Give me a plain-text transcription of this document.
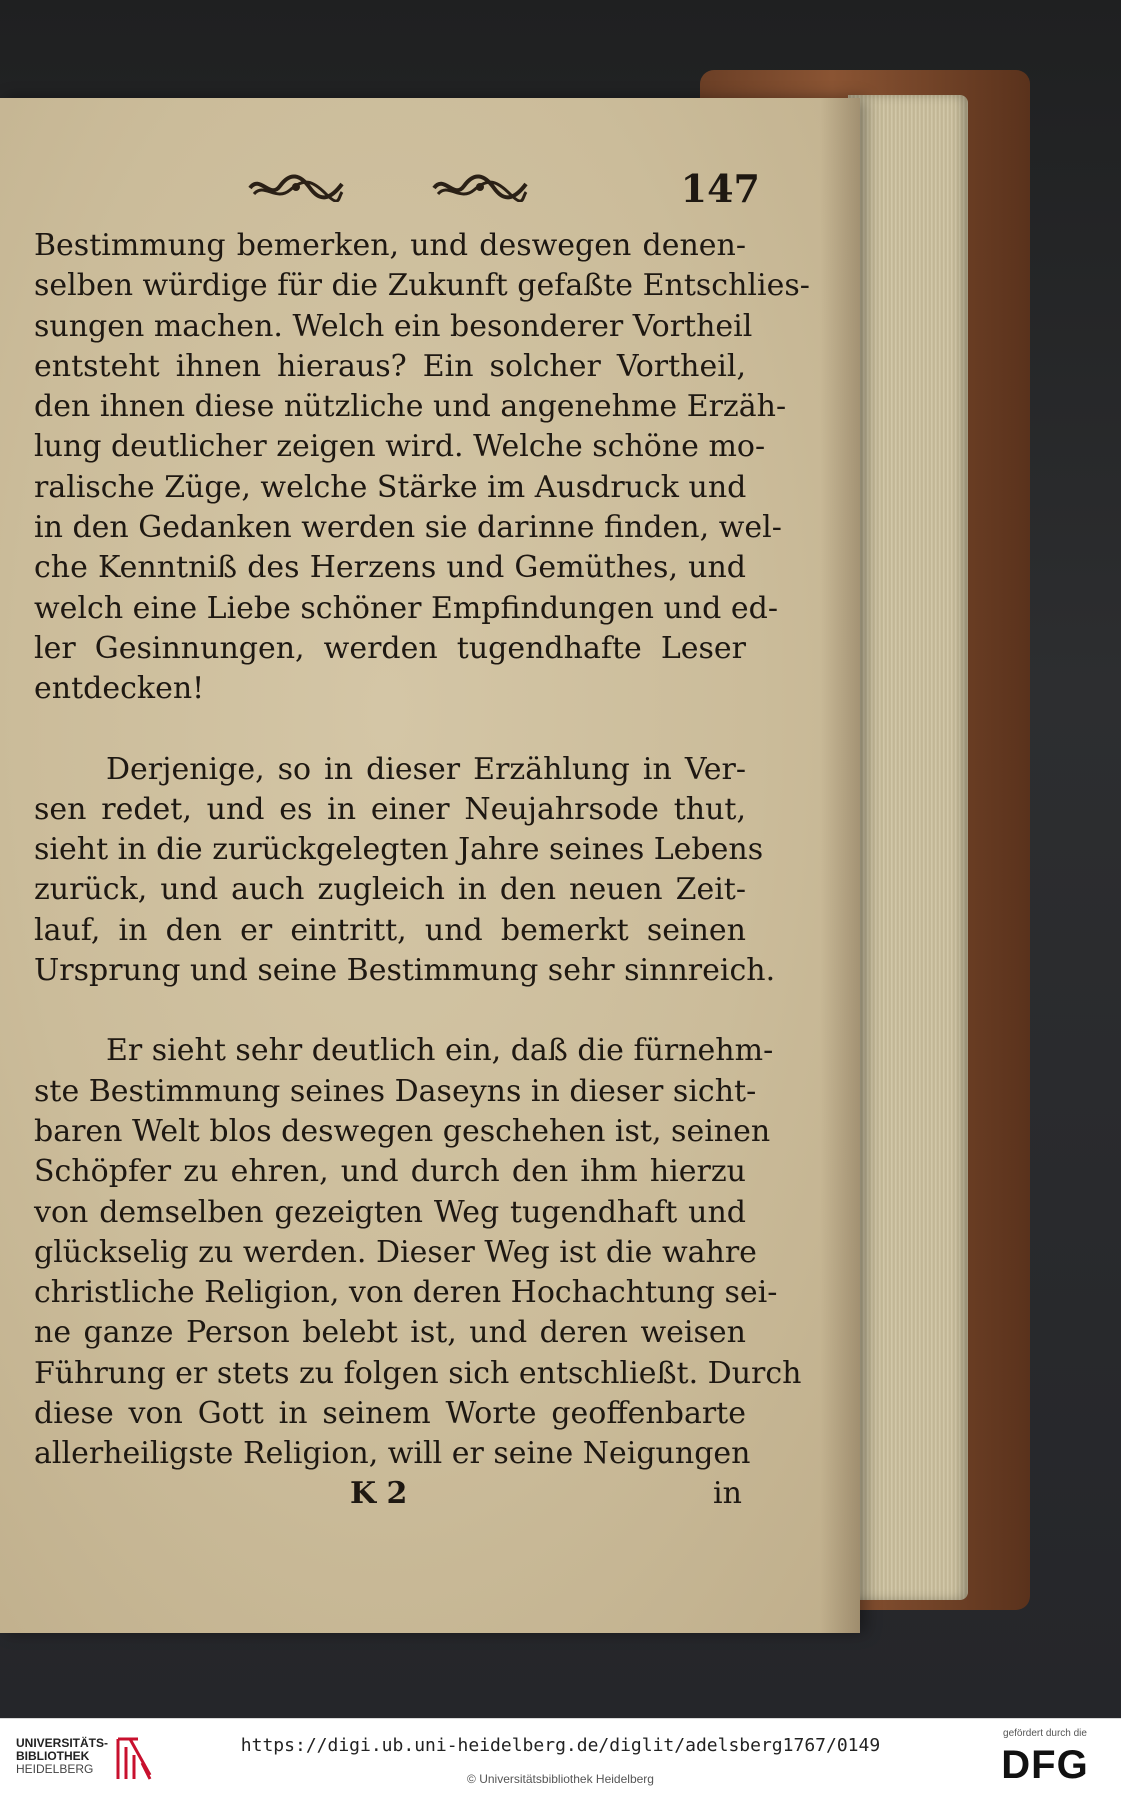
147

Bestimmung bemerken, und deswegen denen-
selben würdige für die Zukunft gefaßte Entschlies-
sungen machen. Welch ein besonderer Vortheil
entsteht ihnen hieraus? Ein solcher Vortheil,
den ihnen diese nützliche und angenehme Erzäh-
lung deutlicher zeigen wird. Welche schöne mo-
ralische Züge, welche Stärke im Ausdruck und
in den Gedanken werden sie darinne finden, wel-
che Kenntniß des Herzens und Gemüthes, und
welch eine Liebe schöner Empfindungen und ed-
ler Gesinnungen, werden tugendhafte Leser
entdecken!

Derjenige, so in dieser Erzählung in Ver-
sen redet, und es in einer Neujahrsode thut,
sieht in die zurückgelegten Jahre seines Lebens
zurück, und auch zugleich in den neuen Zeit-
lauf, in den er eintritt, und bemerkt seinen
Ursprung und seine Bestimmung sehr sinnreich.

Er sieht sehr deutlich ein, daß die fürnehm-
ste Bestimmung seines Daseyns in dieser sicht-
baren Welt blos deswegen geschehen ist, seinen
Schöpfer zu ehren, und durch den ihm hierzu
von demselben gezeigten Weg tugendhaft und
glückselig zu werden. Dieser Weg ist die wahre
christliche Religion, von deren Hochachtung sei-
ne ganze Person belebt ist, und deren weisen
Führung er stets zu folgen sich entschließt. Durch
diese von Gott in seinem Worte geoffenbarte
allerheiligste Religion, will er seine Neigungen

K 2	in
UNIVERSITÄTS-
BIBLIOTHEK
HEIDELBERG
https://digi.ub.uni-heidelberg.de/diglit/adelsberg1767/0149
© Universitätsbibliothek Heidelberg
gefördert durch die
DFG
